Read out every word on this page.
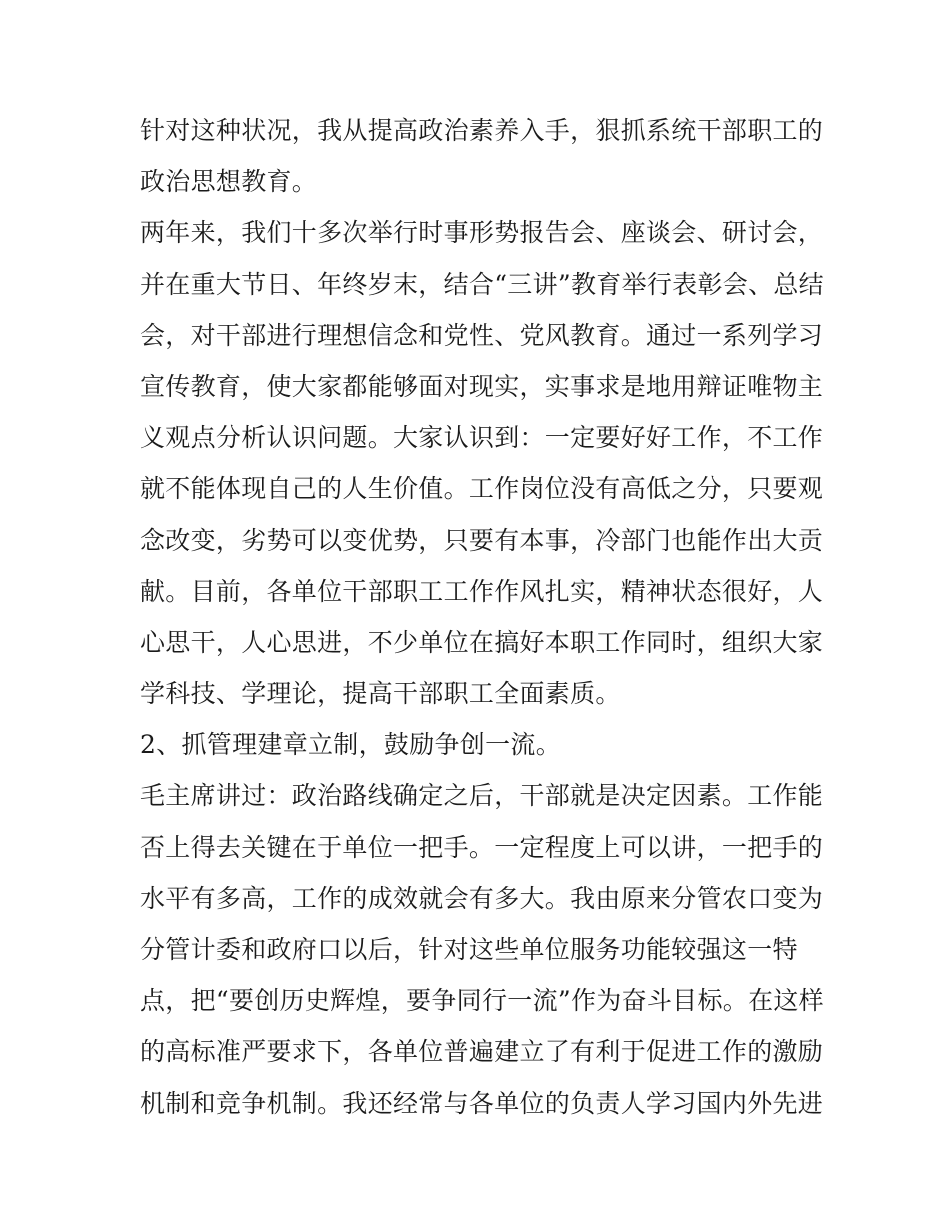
针对这种状况，我从提高政治素养入手，狠抓系统干部职工的
政治思想教育。
两年来，我们十多次举行时事形势报告会、座谈会、研讨会，
并在重大节日、年终岁末，结合“三讲”教育举行表彰会、总结
会，对干部进行理想信念和党性、党风教育。通过一系列学习
宣传教育，使大家都能够面对现实，实事求是地用辩证唯物主
义观点分析认识问题。大家认识到：一定要好好工作，不工作
就不能体现自己的人生价值。工作岗位没有高低之分，只要观
念改变，劣势可以变优势，只要有本事，冷部门也能作出大贡
献。目前，各单位干部职工工作作风扎实，精神状态很好，人
心思干，人心思进，不少单位在搞好本职工作同时，组织大家
学科技、学理论，提高干部职工全面素质。
2、抓管理建章立制，鼓励争创一流。
毛主席讲过：政治路线确定之后，干部就是决定因素。工作能
否上得去关键在于单位一把手。一定程度上可以讲，一把手的
水平有多高，工作的成效就会有多大。我由原来分管农口变为
分管计委和政府口以后，针对这些单位服务功能较强这一特
点，把“要创历史辉煌，要争同行一流”作为奋斗目标。在这样
的高标准严要求下，各单位普遍建立了有利于促进工作的激励
机制和竞争机制。我还经常与各单位的负责人学习国内外先进
